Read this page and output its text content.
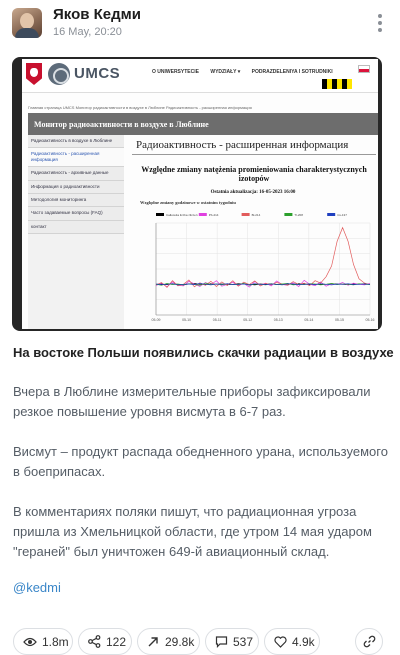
Яков Кедми
16 May, 20:20
UMCS	O UNIWERSYTECIE WYDZIAŁY ▾ PODRAZDELENIYA I SOTRUDNIKI
Главная страница UMCS Монитор радиоактивности в воздухе в Люблине Радиоактивность - расширенная информация
Монитор радиоактивности в воздухе в Люблине
Радиоактивность в воздухе в Люблине
Радиоактивность - расширенная информация
Радиоактивность - архивные данные
Информация о радиоактивности
Методология мониторинга
Часто задаваемые вопросы (FAQ)
контакт
Радиоактивность - расширенная информация
Względne zmiany natężenia promieniowania charakterystycznych izotopów
Ostatnia aktualizacja: 16-05-2023 16:00
Względne zmiany godzinowe w ostatnim tygodniu
05-09	05-10	05-11	05-12	05-13	05-14	05-15	05-16
Całkowita liczba zliczeń	Pb-214	Bi-214	Tl-208	Cs-137
На востоке Польши появились скачки радиации в воздухе

Вчера в Люблине измерительные приборы зафиксировали резкое повышение уровня висмута в 6-7 раз.

Висмут – продукт распада обедненного урана, используемого в боеприпасах.

В комментариях поляки пишут, что радиационная угроза пришла из Хмельницкой области, где утром 14 мая ударом "гераней" был уничтожен 649-й авиационный склад.

@kedmi
1.8m	122	29.8k	537	4.9k
